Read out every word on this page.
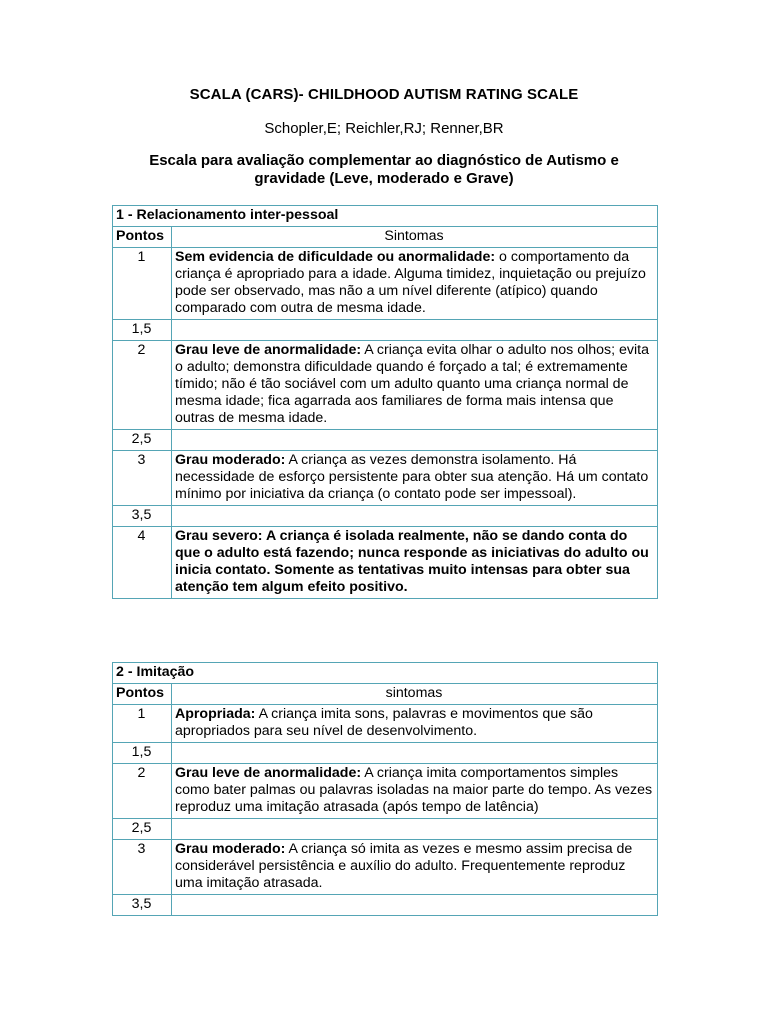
SCALA (CARS)- CHILDHOOD AUTISM RATING SCALE
Schopler,E; Reichler,RJ; Renner,BR
Escala para avaliação complementar ao diagnóstico de Autismo e gravidade (Leve, moderado e Grave)
1 - Relacionamento inter-pessoal	
Pontos	Sintomas
1	Sem evidencia de dificuldade ou anormalidade: o comportamento da criança é apropriado para a idade. Alguma timidez, inquietação ou prejuízo pode ser observado, mas não a um nível diferente (atípico) quando comparado com outra de mesma idade.
1,5	
2	Grau leve de anormalidade: A criança evita olhar o adulto nos olhos; evita o adulto; demonstra dificuldade quando é forçado a tal; é extremamente tímido; não é tão sociável com um adulto quanto uma criança normal de mesma idade; fica agarrada aos familiares de forma mais intensa que outras de mesma idade.
2,5	
3	Grau moderado: A criança as vezes demonstra isolamento. Há necessidade de esforço persistente para obter sua atenção. Há um contato mínimo por iniciativa da criança (o contato pode ser impessoal).
3,5	
4	Grau severo: A criança é isolada realmente, não se dando conta do que o adulto está fazendo; nunca responde as iniciativas do adulto ou inicia contato. Somente as tentativas muito intensas para obter sua atenção tem algum efeito positivo.
2 - Imitação	
Pontos	sintomas
1	Apropriada: A criança imita sons, palavras e movimentos que são apropriados para seu nível de desenvolvimento.
1,5	
2	Grau leve de anormalidade: A criança imita comportamentos simples como bater palmas ou palavras isoladas na maior parte do tempo. As vezes reproduz uma imitação atrasada (após tempo de latência)
2,5	
3	Grau moderado: A criança só imita as vezes e mesmo assim precisa de considerável persistência e auxílio do adulto. Frequentemente reproduz uma imitação atrasada.
3,5	
